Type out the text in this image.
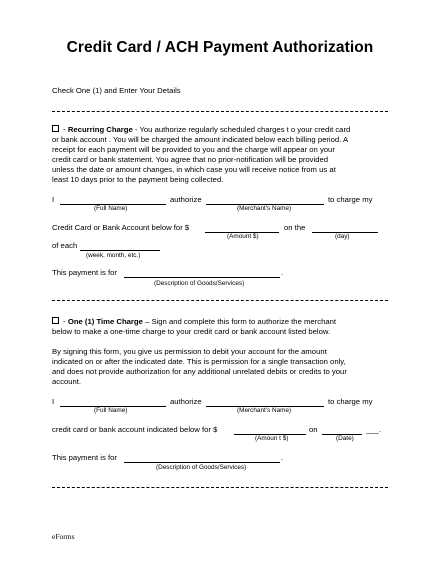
Credit Card / ACH Payment Authorization
Check One (1) and Enter Your Details
- Recurring Charge - You authorize regularly scheduled charges t o your credit card
or bank account . You will be charged the amount indicated below each billing period. A
receipt for each payment will be provided to you and the charge will appear on your
credit card or bank statement. You agree that no prior-notification will be provided
unless the date or amount changes, in which case you will receive notice from us at
least 10 days prior to the payment being collected.
I	authorize	to charge my
(Full Name)	(Merchant's Name)
Credit Card or Bank Account below for $	on the
(Amount $)	(day)
of each
(week, month, etc.)
This payment is for	.
(Description of Goods/Services)
- One (1) Time Charge – Sign and complete this form to authorize the merchant
below to make a one-time charge to your credit card or bank account listed below.
By signing this form, you give us permission to debit your account for the amount
indicated on or after the indicated date. This is permission for a single transaction only,
and does not provide authorization for any additional unrelated debits or credits to your
account.
I	authorize	to charge my
(Full Name)	(Merchant's Name)
credit card or bank account indicated below for $	on	___.
(Amoun t $)	(Date)
This payment is for	.
(Description of Goods/Services)
eForms
